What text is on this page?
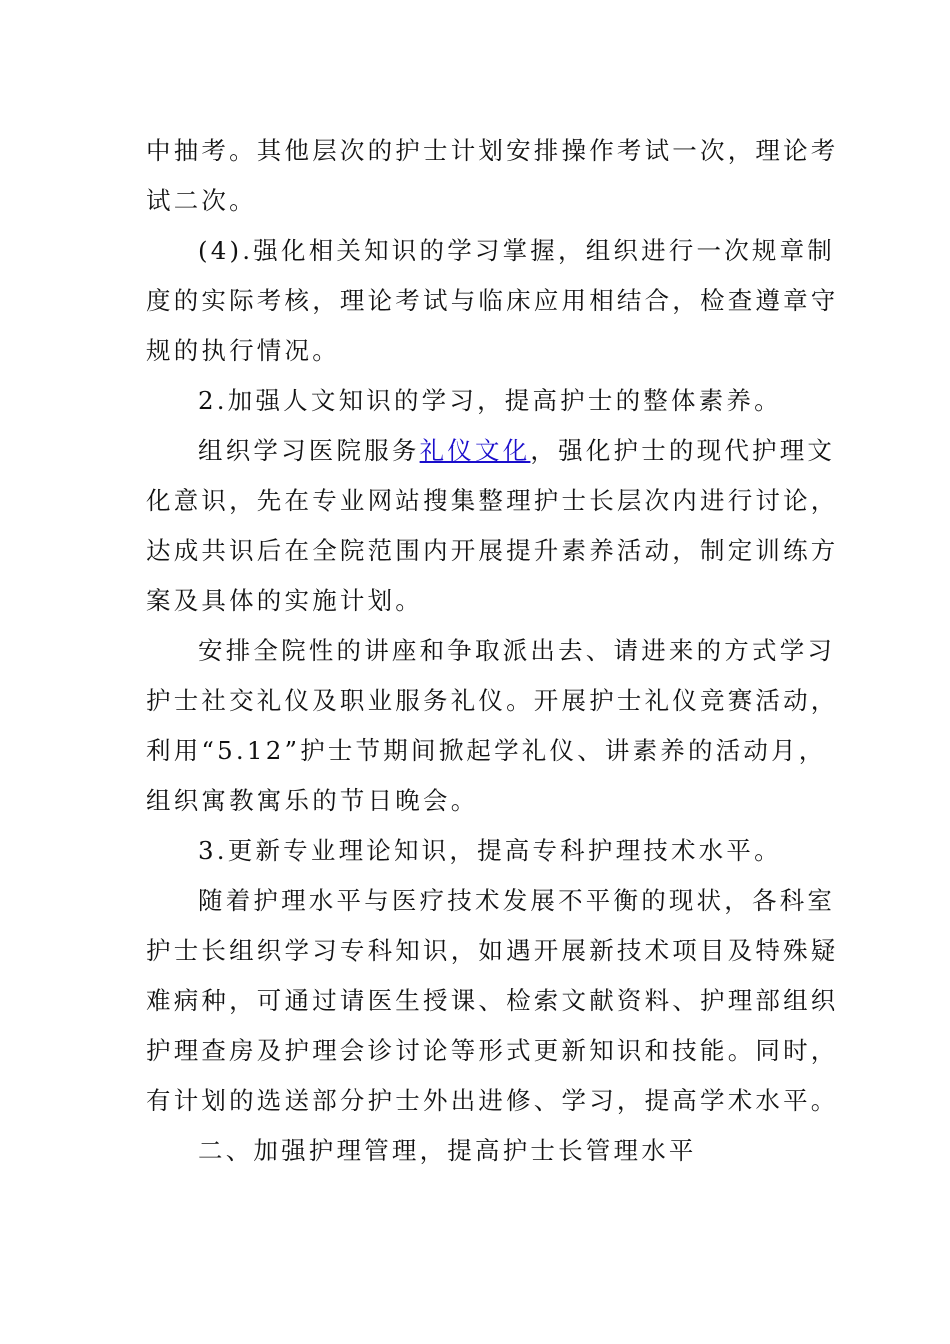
中抽考。其他层次的护士计划安排操作考试一次，理论考
试二次。
(4).强化相关知识的学习掌握，组织进行一次规章制
度的实际考核，理论考试与临床应用相结合，检查遵章守
规的执行情况。
2.加强人文知识的学习，提高护士的整体素养。
组织学习医院服务礼仪文化，强化护士的现代护理文
化意识，先在专业网站搜集整理护士长层次内进行讨论，
达成共识后在全院范围内开展提升素养活动，制定训练方
案及具体的实施计划。
安排全院性的讲座和争取派出去、请进来的方式学习
护士社交礼仪及职业服务礼仪。开展护士礼仪竞赛活动，
利用“5.12”护士节期间掀起学礼仪、讲素养的活动月，
组织寓教寓乐的节日晚会。
3.更新专业理论知识，提高专科护理技术水平。
随着护理水平与医疗技术发展不平衡的现状，各科室
护士长组织学习专科知识，如遇开展新技术项目及特殊疑
难病种，可通过请医生授课、检索文献资料、护理部组织
护理查房及护理会诊讨论等形式更新知识和技能。同时，
有计划的选送部分护士外出进修、学习，提高学术水平。
二、加强护理管理，提高护士长管理水平
